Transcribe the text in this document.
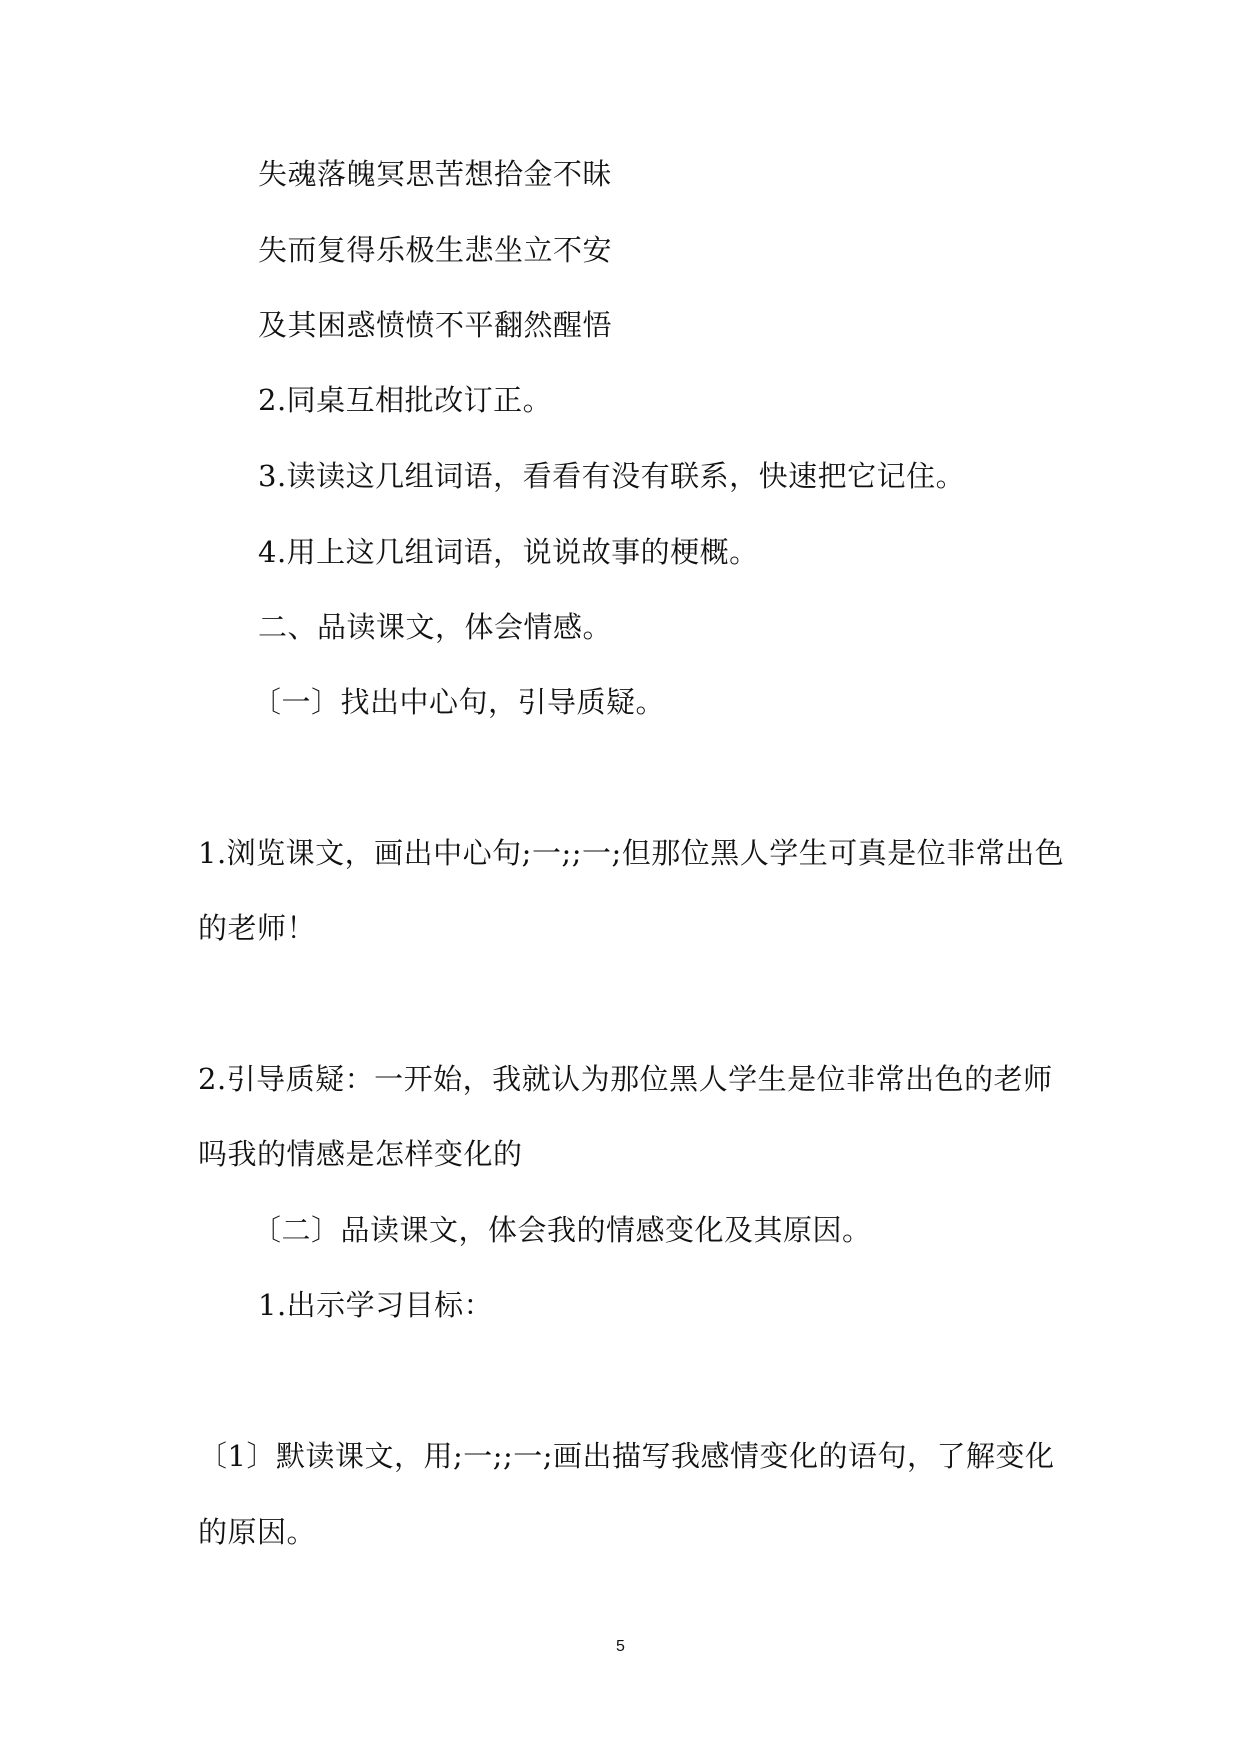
失魂落魄冥思苦想拾金不昧
失而复得乐极生悲坐立不安
及其困惑愤愤不平翻然醒悟
2.同桌互相批改订正。
3.读读这几组词语，看看有没有联系，快速把它记住。
4.用上这几组词语，说说故事的梗概。
二、品读课文，体会情感。
〔一〕找出中心句，引导质疑。
1.浏览课文，画出中心句;一;;一;但那位黑人学生可真是位非常出色
的老师！
2.引导质疑：一开始，我就认为那位黑人学生是位非常出色的老师
吗我的情感是怎样变化的
〔二〕品读课文，体会我的情感变化及其原因。
1.出示学习目标：
〔1〕默读课文，用;一;;一;画出描写我感情变化的语句，了解变化
的原因。
5
